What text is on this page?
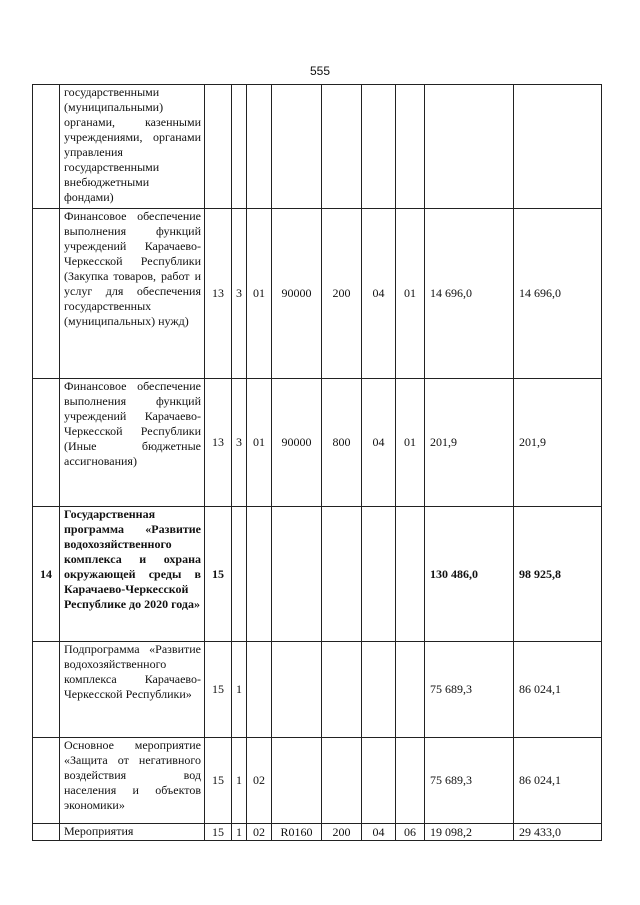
555
	государственными (муниципальными) органами, казенными учреждениями, органами управления государственными внебюджетными фондами)									
	Финансовое обеспечение выполнения функций учреждений Карачаево-Черкесской Республики (Закупка товаров, работ и услуг для обеспечения государственных (муниципальных) нужд)	13	3	01	90000	200	04	01	14 696,0	14 696,0
	Финансовое обеспечение выполнения функций учреждений Карачаево-Черкесской Республики (Иные бюджетные ассигнования)	13	3	01	90000	800	04	01	201,9	201,9
14	Государственная программа «Развитие водохозяйственного комплекса и охрана окружающей среды в Карачаево-Черкесской Республике до 2020 года»	15							130 486,0	98 925,8
	Подпрограмма «Развитие водохозяйственного комплекса Карачаево-Черкесской Республики»	15	1						75 689,3	86 024,1
	Основное мероприятие «Защита от негативного воздействия вод населения и объектов экономики»	15	1	02					75 689,3	86 024,1
	Мероприятия	15	1	02	R0160	200	04	06	19 098,2	29 433,0
